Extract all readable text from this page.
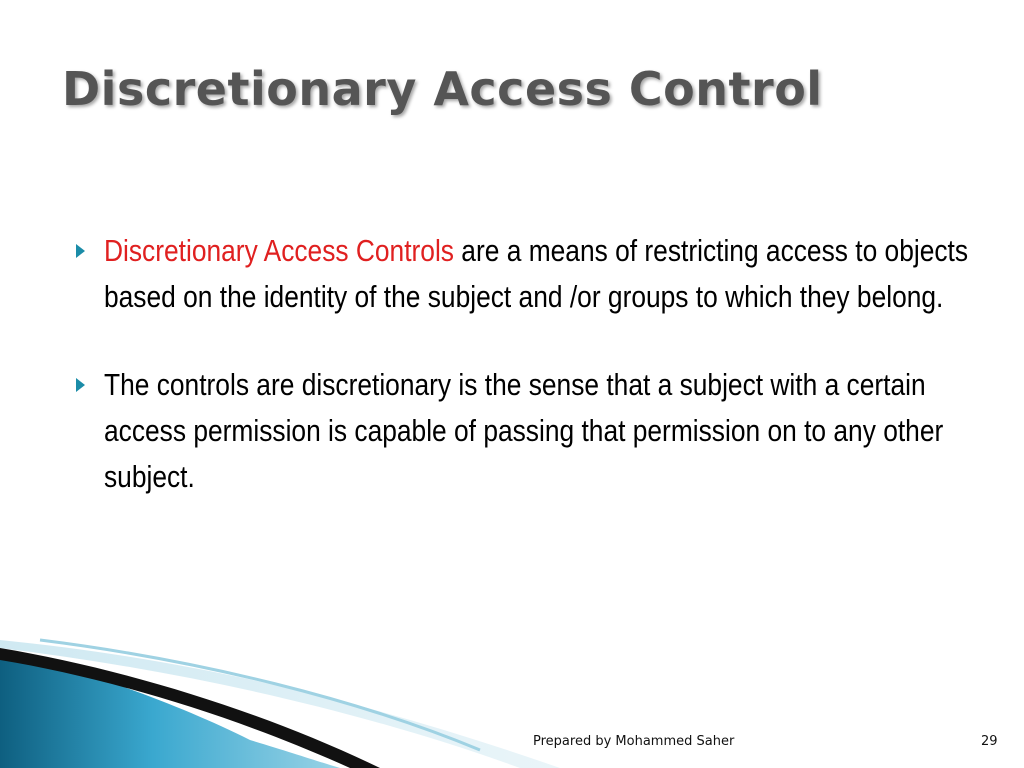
Discretionary Access Control
Discretionary Access Controls are a means of restricting access to objects based on the identity of the subject and /or groups to which they belong.
The controls are discretionary is the sense that a subject with a certain access permission is capable of passing that permission on to any other subject.
Prepared by Mohammed Saher	29
